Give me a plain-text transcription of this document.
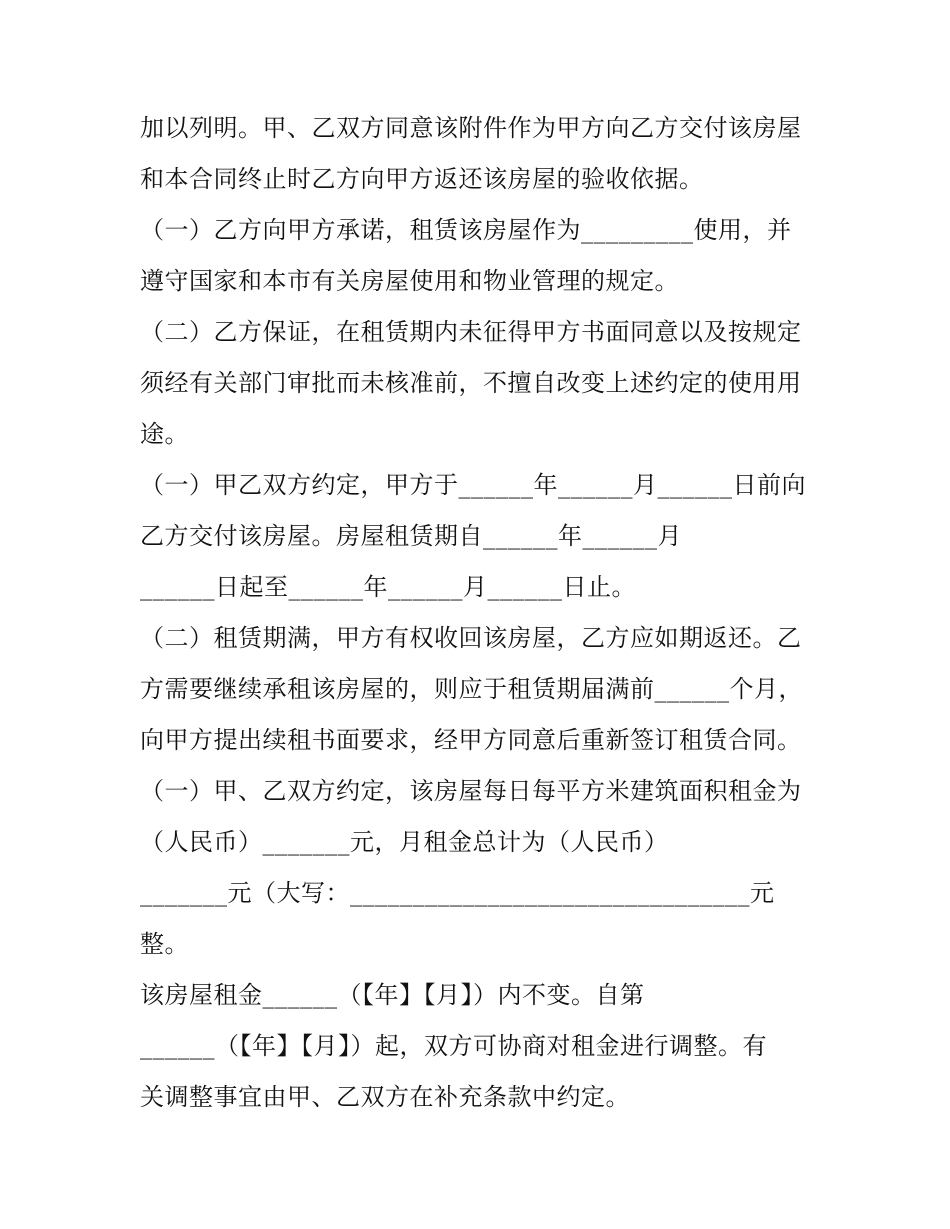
加以列明。甲、乙双方同意该附件作为甲方向乙方交付该房屋
和本合同终止时乙方向甲方返还该房屋的验收依据。
（一）乙方向甲方承诺，租赁该房屋作为_________使用，并
遵守国家和本市有关房屋使用和物业管理的规定。
（二）乙方保证，在租赁期内未征得甲方书面同意以及按规定
须经有关部门审批而未核准前，不擅自改变上述约定的使用用
途。
（一）甲乙双方约定，甲方于______年______月______日前向
乙方交付该房屋。房屋租赁期自______年______月
______日起至______年______月______日止。
（二）租赁期满，甲方有权收回该房屋，乙方应如期返还。乙
方需要继续承租该房屋的，则应于租赁期届满前______个月，
向甲方提出续租书面要求，经甲方同意后重新签订租赁合同。
（一）甲、乙双方约定，该房屋每日每平方米建筑面积租金为
（人民币）_______元，月租金总计为（人民币）
_______元（大写：________________________________元
整。
该房屋租金______（【年】【月】）内不变。自第
______（【年】【月】）起，双方可协商对租金进行调整。有
关调整事宜由甲、乙双方在补充条款中约定。
